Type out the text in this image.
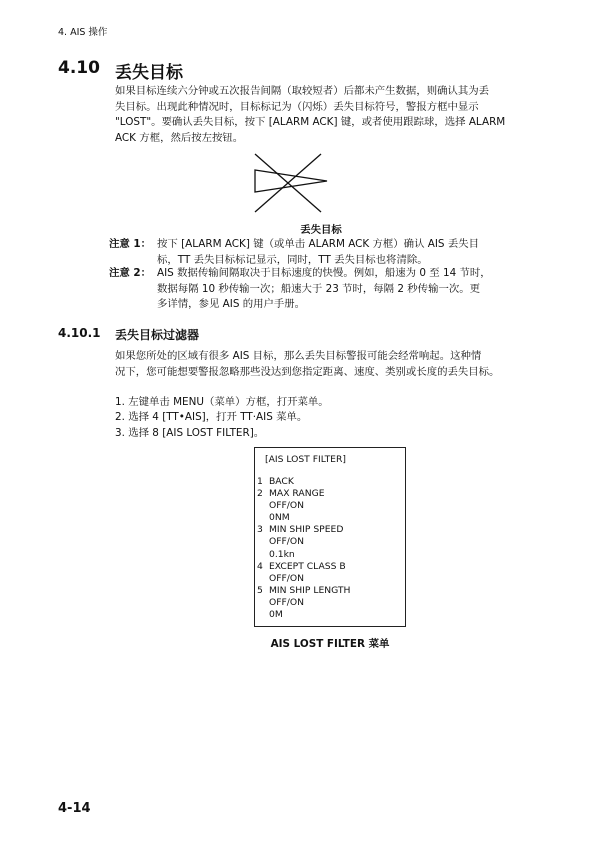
4. AIS 操作
4.10 丢失目标
如果目标连续六分钟或五次报告间隔（取较短者）后都未产生数据，则确认其为丢
失目标。出现此种情况时，目标标记为（闪烁）丢失目标符号，警报方框中显示
"LOST"。要确认丢失目标，按下 [ALARM ACK] 键，或者使用跟踪球，选择 ALARM
ACK 方框，然后按左按钮。
丢失目标
注意 1： 按下 [ALARM ACK] 键（或单击 ALARM ACK 方框）确认 AIS 丢失目
标，TT 丢失目标标记显示，同时，TT 丢失目标也将清除。
注意 2： AIS 数据传输间隔取决于目标速度的快慢。例如，船速为 0 至 14 节时，
数据每隔 10 秒传输一次；船速大于 23 节时，每隔 2 秒传输一次。更
多详情，参见 AIS 的用户手册。
4.10.1 丢失目标过滤器
如果您所处的区域有很多 AIS 目标，那么丢失目标警报可能会经常响起。这种情
况下，您可能想要警报忽略那些没达到您指定距离、速度、类别或长度的丢失目标。
1. 左键单击 MENU（菜单）方框，打开菜单。
2. 选择 4 [TT•AIS]，打开 TT·AIS 菜单。
3. 选择 8 [AIS LOST FILTER]。
[AIS LOST FILTER]
1 BACK
2 MAX RANGE
OFF/ON
0NM
3 MIN SHIP SPEED
OFF/ON
0.1kn
4 EXCEPT CLASS B
OFF/ON
5 MIN SHIP LENGTH
OFF/ON
0M
AIS LOST FILTER 菜单
4-14
